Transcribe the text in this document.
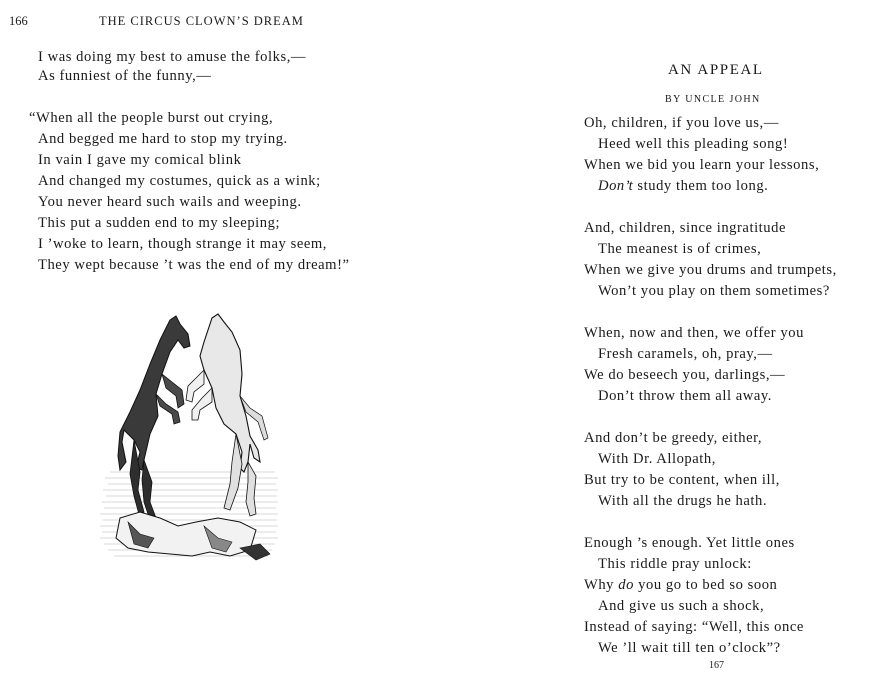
166	THE CIRCUS CLOWN’S DREAM
I was doing my best to amuse the folks,—
As funniest of the funny,—
“When all the people burst out crying,
And begged me hard to stop my trying.
In vain I gave my comical blink
And changed my costumes, quick as a wink;
You never heard such wails and weeping.
This put a sudden end to my sleeping;
I ’woke to learn, though strange it may seem,
They wept because ’t was the end of my dream!”
AN APPEAL
BY UNCLE JOHN
Oh, children, if you love us,—
Heed well this pleading song!
When we bid you learn your lessons,
Don’t study them too long.
And, children, since ingratitude
The meanest is of crimes,
When we give you drums and trumpets,
Won’t you play on them sometimes?
When, now and then, we offer you
Fresh caramels, oh, pray,—
We do beseech you, darlings,—
Don’t throw them all away.
And don’t be greedy, either,
With Dr. Allopath,
But try to be content, when ill,
With all the drugs he hath.
Enough ’s enough. Yet little ones
This riddle pray unlock:
Why do you go to bed so soon
And give us such a shock,
Instead of saying: “Well, this once
We ’ll wait till ten o’clock”?
167
